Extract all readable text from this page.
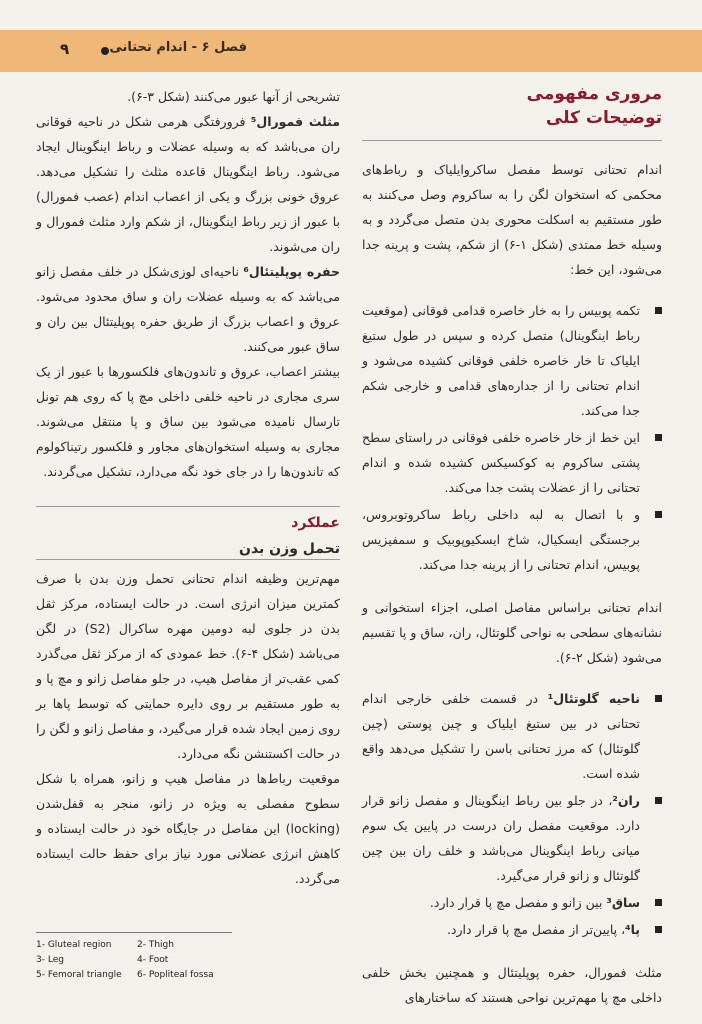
۹	فصل ۶ - اندام تحتانی
مروری مفهومی
توضیحات کلی

اندام تحتانی توسط مفصل ساکروایلیاک و رباط‌های محکمی که استخوان لگن را به ساکروم وصل می‌کنند به طور مستقیم به اسکلت محوری بدن متصل می‌گردد و به وسیله خط ممتدی (شکل ۱-۶) از شکم، پشت و پرینه جدا می‌شود، این خط:

تکمه پوبیس را به خار خاصره قدامی فوقانی (موقعیت رباط اینگوینال) متصل کرده و سپس در طول ستیغ ایلیاک تا خار خاصره خلفی فوقانی کشیده می‌شود و اندام تحتانی را از جداره‌های قدامی و خارجی شکم جدا می‌کند.
این خط از خار خاصره خلفی فوقانی در راستای سطح پشتی ساکروم به کوکسیکس کشیده شده و اندام تحتانی را از عضلات پشت جدا می‌کند.
و با اتصال به لبه داخلی رباط ساکروتوبروس، برجستگی ایسکیال، شاخ ایسکیوپوبیک و سمفیزیس پوبیس، اندام تحتانی را از پرینه جدا می‌کند.

اندام تحتانی براساس مفاصل اصلی، اجزاء استخوانی و نشانه‌های سطحی به نواحی گلوتئال، ران، ساق و پا تقسیم می‌شود (شکل ۲-۶).

ناحیه گلوتئال¹ در قسمت خلفی خارجی اندام تحتانی در بین ستیغ ایلیاک و چین پوستی (چین گلوتئال) که مرز تحتانی باسن را تشکیل می‌دهد واقع شده است.
ران²، در جلو بین رباط اینگوینال و مفصل زانو قرار دارد. موقعیت مفصل ران درست در پایین یک سوم میانی رباط اینگوینال می‌باشد و خلف ران بین چین گلوتئال و زانو قرار می‌گیرد.
ساق³ بین زانو و مفصل مچ پا قرار دارد.
پا⁴، پایین‌تر از مفصل مچ پا قرار دارد.

مثلث فمورال، حفره پوپلیتئال و همچنین بخش خلفی داخلی مچ پا مهم‌ترین نواحی هستند که ساختارهای

تشریحی از آنها عبور می‌کنند (شکل ۳-۶).

مثلث فمورال⁵ فرورفتگی هرمی شکل در ناحیه فوقانی ران می‌باشد که به وسیله عضلات و رباط اینگوینال ایجاد می‌شود. رباط اینگوینال قاعده مثلث را تشکیل می‌دهد. عروق خونی بزرگ و یکی از اعصاب اندام (عصب فمورال) با عبور از زیر رباط اینگوینال، از شکم وارد مثلث فمورال و ران می‌شوند.

حفره پوپلیتئال⁶ ناحیه‌ای لوزی‌شکل در خلف مفصل زانو می‌باشد که به وسیله عضلات ران و ساق محدود می‌شود. عروق و اعصاب بزرگ از طریق حفره پوپلیتئال بین ران و ساق عبور می‌کنند.

بیشتر اعصاب، عروق و تاندون‌های فلکسورها با عبور از یک سری مجاری در ناحیه خلفی داخلی مچ پا که روی هم تونل تارسال نامیده می‌شود بین ساق و پا منتقل می‌شوند. مجاری به وسیله استخوان‌های مجاور و فلکسور رتیناکولوم که تاندون‌ها را در جای خود نگه می‌دارد، تشکیل می‌گردند.

عملکرد
تحمل وزن بدن

مهم‌ترین وظیفه اندام تحتانی تحمل وزن بدن با صرف کمترین میزان انرژی است. در حالت ایستاده، مرکز ثقل بدن در جلوی لبه دومین مهره ساکرال (S2) در لگن می‌باشد (شکل ۴-۶). خط عمودی که از مرکز ثقل می‌گذرد کمی عقب‌تر از مفاصل هیپ، در جلو مفاصل زانو و مچ پا و به طور مستقیم بر روی دایره حمایتی که توسط پاها بر روی زمین ایجاد شده قرار می‌گیرد، و مفاصل زانو و لگن را در حالت اکستنشن نگه می‌دارد.

موقعیت رباط‌ها در مفاصل هیپ و زانو، همراه با شکل سطوح مفصلی به ویژه در زانو، منجر به قفل‌شدن (locking) این مفاصل در جایگاه خود در حالت ایستاده و کاهش انرژی عضلانی مورد نیاز برای حفظ حالت ایستاده می‌گردد.

1- Gluteal region	2- Thigh
3- Leg	4- Foot
5- Femoral triangle	6- Popliteal fossa
